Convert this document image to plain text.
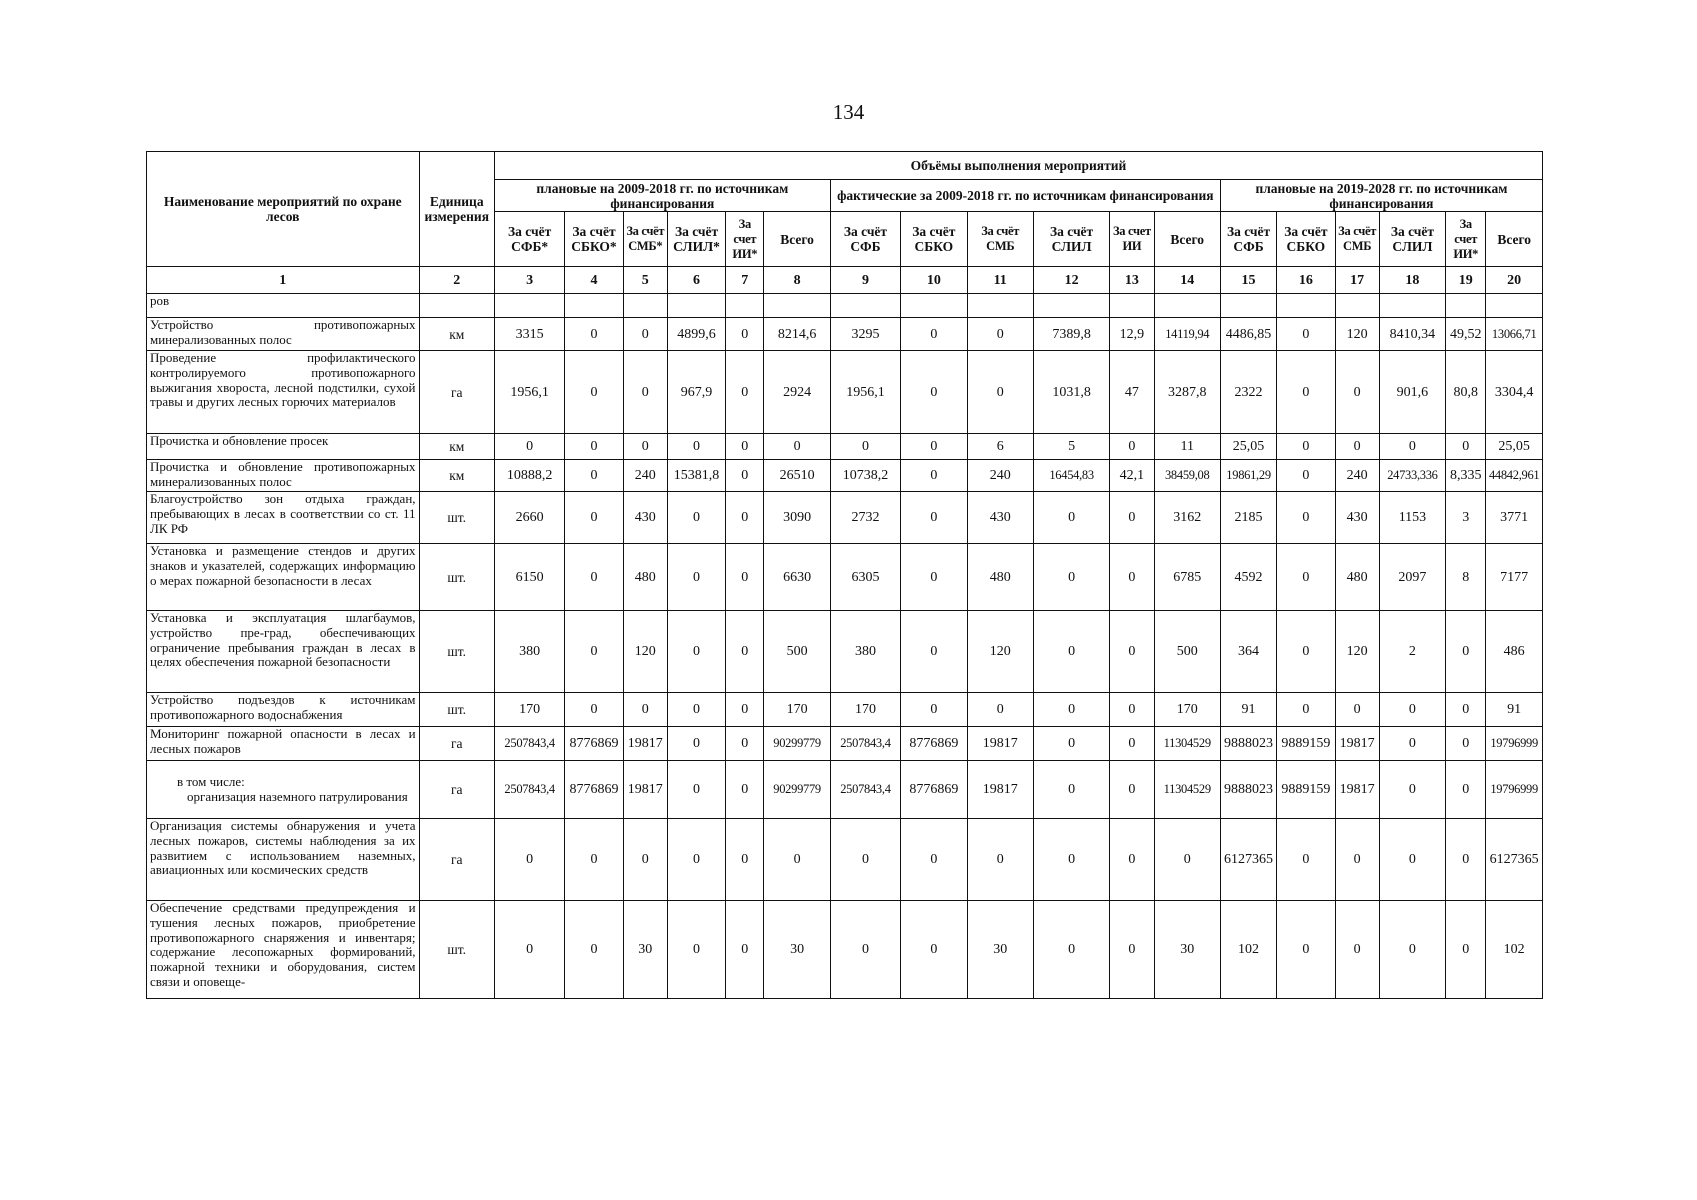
134
Наименование мероприятий по охране лесов	Единица измерения	Объёмы выполнения мероприятий																	
		плановые на 2009-2018 гг. по источникам финансирования						фактические за 2009-2018 гг. по источникам финансирования						плановые на 2019-2028 гг. по источникам финансирования					
		За счёт СФБ*	За счёт СБКО*	За счёт СМБ*	За счёт СЛИЛ*	За счет ИИ*	Всего	За счёт СФБ	За счёт СБКО	За счёт СМБ	За счёт СЛИЛ	За счет ИИ	Всего	За счёт СФБ	За счёт СБКО	За счёт СМБ	За счёт СЛИЛ	За счет ИИ*	Всего
1	2	3	4	5	6	7	8	9	10	11	12	13	14	15	16	17	18	19	20
ров																			
Устройство противопожарных минерализованных полос	км	3315	0	0	4899,6	0	8214,6	3295	0	0	7389,8	12,9	14119,94	4486,85	0	120	8410,34	49,52	13066,71
Проведение профилактического контролируемого противопожарного выжигания хвороста, лесной подстилки, сухой травы и других лесных горючих материалов	га	1956,1	0	0	967,9	0	2924	1956,1	0	0	1031,8	47	3287,8	2322	0	0	901,6	80,8	3304,4
Прочистка и обновление просек	км	0	0	0	0	0	0	0	0	6	5	0	11	25,05	0	0	0	0	25,05
Прочистка и обновление противопожарных минерализованных полос	км	10888,2	0	240	15381,8	0	26510	10738,2	0	240	16454,83	42,1	38459,08	19861,29	0	240	24733,336	8,335	44842,961
Благоустройство зон отдыха граждан, пребывающих в лесах в соответствии со ст. 11 ЛК РФ	шт.	2660	0	430	0	0	3090	2732	0	430	0	0	3162	2185	0	430	1153	3	3771
Установка и размещение стендов и других знаков и указателей, содержащих информацию о мерах пожарной безопасности в лесах	шт.	6150	0	480	0	0	6630	6305	0	480	0	0	6785	4592	0	480	2097	8	7177
Установка и эксплуатация шлагбаумов, устройство пре-град, обеспечивающих ограничение пребывания граждан в лесах в целях обеспечения пожарной безопасности	шт.	380	0	120	0	0	500	380	0	120	0	0	500	364	0	120	2	0	486
Устройство подъездов к источникам противопожарного водоснабжения	шт.	170	0	0	0	0	170	170	0	0	0	0	170	91	0	0	0	0	91
Мониторинг пожарной опасности в лесах и лесных пожаров	га	2507843,4	8776869	19817	0	0	90299779	2507843,4	8776869	19817	0	0	11304529	9888023	9889159	19817	0	0	19796999
в том числе:
организация наземного патрулирования	га	2507843,4	8776869	19817	0	0	90299779	2507843,4	8776869	19817	0	0	11304529	9888023	9889159	19817	0	0	19796999
Организация системы обнаружения и учета лесных пожаров, системы наблюдения за их развитием с использованием наземных, авиационных или космических средств	га	0	0	0	0	0	0	0	0	0	0	0	0	6127365	0	0	0	0	6127365
Обеспечение средствами предупреждения и тушения лесных пожаров, приобретение противопожарного снаряжения и инвентаря; содержание лесопожарных формирований, пожарной техники и оборудования, систем связи и оповеще-	шт.	0	0	30	0	0	30	0	0	30	0	0	30	102	0	0	0	0	102
